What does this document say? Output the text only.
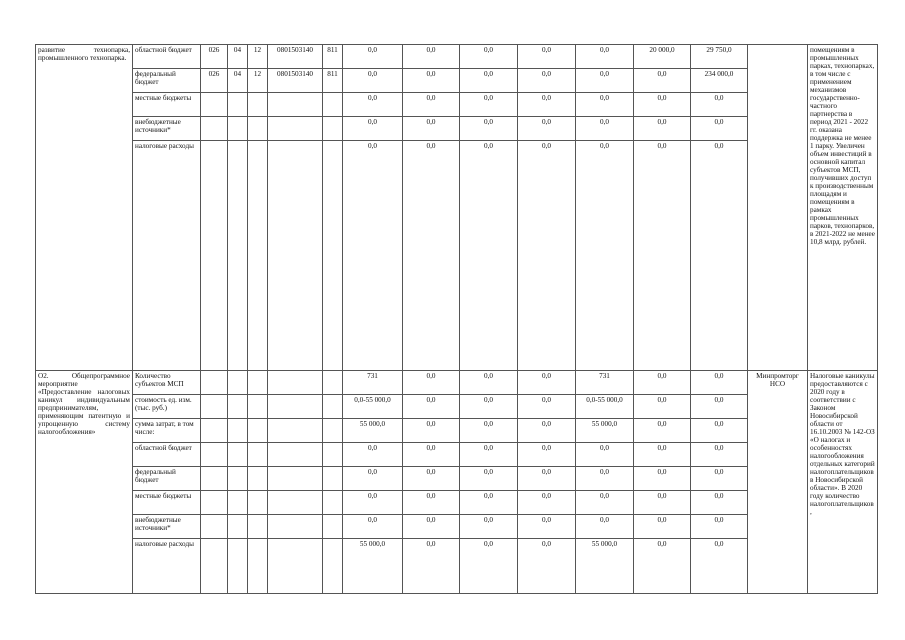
развитие технопарка, промышленного технопарка.	областной бюджет	026	04	12	0801503140	811	0,0	0,0	0,0	0,0	0,0	20 000,0	29 750,0		помещениям в промышленных парках, технопарках, в том числе с применением механизмов государственно-частного партнерства в период 2021 - 2022 гг. оказана поддержка не менее 1 парку. Увеличен объем инвестиций в основной капитал субъектов МСП, получивших доступ к производственным площадям и помещениям в рамках промышленных парков, технопарков, в 2021-2022 не менее 10,8 млрд. рублей.
	федеральный бюджет	026	04	12	0801503140	811	0,0	0,0	0,0	0,0	0,0	0,0	234 000,0		
	местные бюджеты						0,0	0,0	0,0	0,0	0,0	0,0	0,0		
	внебюджетные источники*						0,0	0,0	0,0	0,0	0,0	0,0	0,0		
	налоговые расходы						0,0	0,0	0,0	0,0	0,0	0,0	0,0		
О2. Общепрограммное мероприятие «Предоставление налоговых каникул индивидуальным предпринимателям, применяющим патентную и упрощенную систему налогообложения»	Количество субъектов МСП						731	0,0	0,0	0,0	731	0,0	0,0	Минпромторг НСО	Налоговые каникулы предоставляются с 2020 году в соответствии с Законом Новосибирской области от 16.10.2003 № 142-ОЗ «О налогах и особенностях налогообложения отдельных категорий налогоплательщиков в Новосибирской области». В 2020 году количество налогоплательщиков,
	стоимость ед. изм. (тыс. руб.)						0,0-55 000,0	0,0	0,0	0,0	0,0-55 000,0	0,0	0,0		
	сумма затрат, в том числе:						55 000,0	0,0	0,0	0,0	55 000,0	0,0	0,0		
	областной бюджет						0,0	0,0	0,0	0,0	0,0	0,0	0,0		
	федеральный бюджет						0,0	0,0	0,0	0,0	0,0	0,0	0,0		
	местные бюджеты						0,0	0,0	0,0	0,0	0,0	0,0	0,0		
	внебюджетные источники*						0,0	0,0	0,0	0,0	0,0	0,0	0,0		
	налоговые расходы						55 000,0	0,0	0,0	0,0	55 000,0	0,0	0,0		
